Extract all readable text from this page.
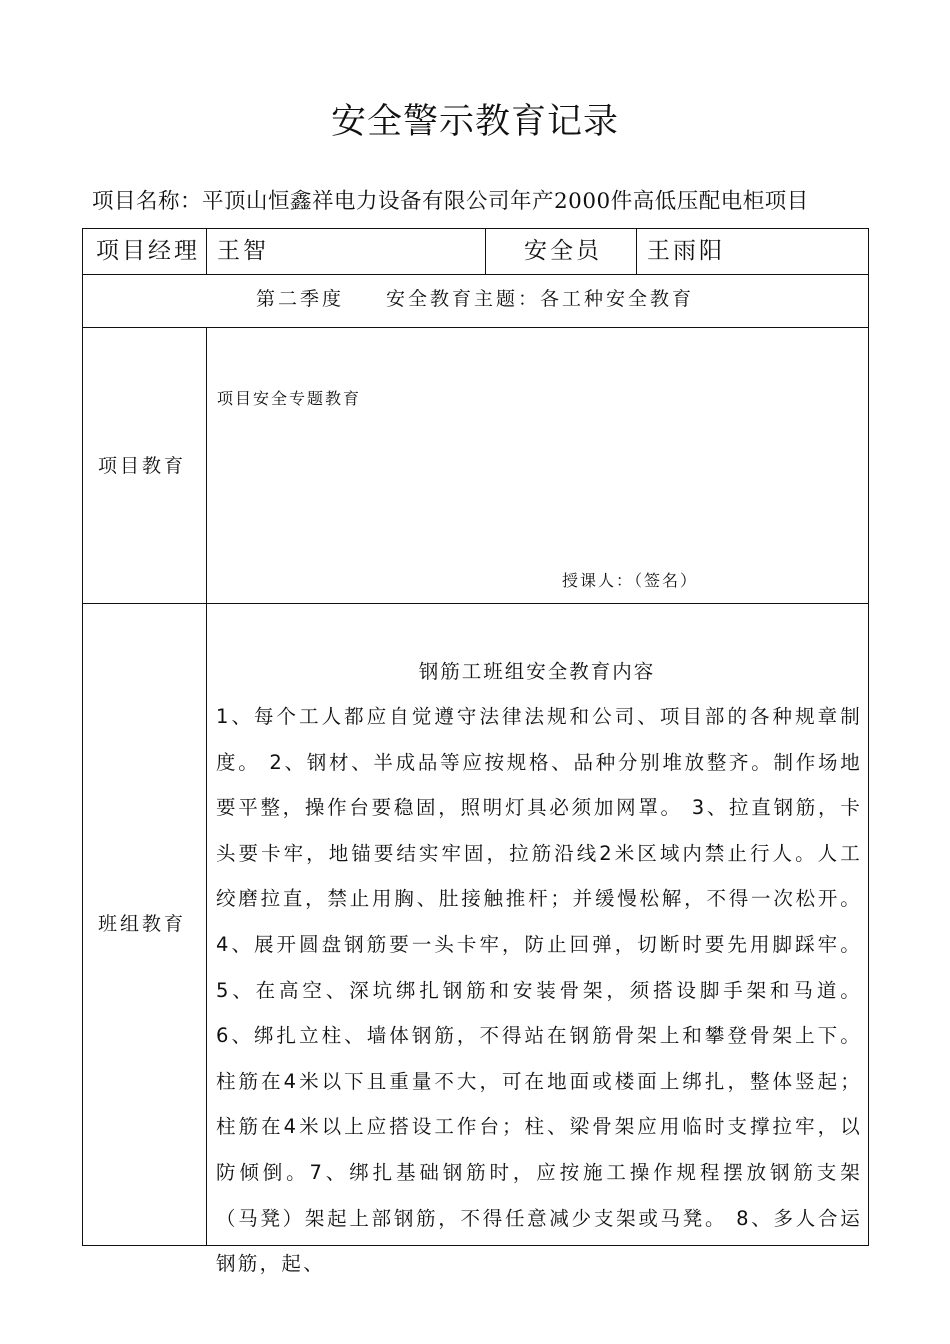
安全警示教育记录
项目名称：平顶山恒鑫祥电力设备有限公司年产2000件高低压配电柜项目
项目经理 王智	安全员 王雨阳
第二季度 安全教育主题：各工种安全教育
项目教育
项目安全专题教育
授课人：（签名）
班组教育
钢筋工班组安全教育内容
1、每个工人都应自觉遵守法律法规和公司、项目部的各种规章制度。 2、钢材、半成品等应按规格、品种分别堆放整齐。制作场地要平整，操作台要稳固，照明灯具必须加网罩。 3、拉直钢筋，卡头要卡牢，地锚要结实牢固，拉筋沿线2米区域内禁止行人。人工绞磨拉直，禁止用胸、肚接触推杆；并缓慢松解，不得一次松开。4、展开圆盘钢筋要一头卡牢，防止回弹，切断时要先用脚踩牢。 5、在高空、深坑绑扎钢筋和安装骨架，须搭设脚手架和马道。 6、绑扎立柱、墙体钢筋，不得站在钢筋骨架上和攀登骨架上下。柱筋在4米以下且重量不大，可在地面或楼面上绑扎，整体竖起；柱筋在4米以上应搭设工作台；柱、梁骨架应用临时支撑拉牢，以防倾倒。7、绑扎基础钢筋时，应按施工操作规程摆放钢筋支架（马凳）架起上部钢筋，不得任意减少支架或马凳。 8、多人合运钢筋，起、
